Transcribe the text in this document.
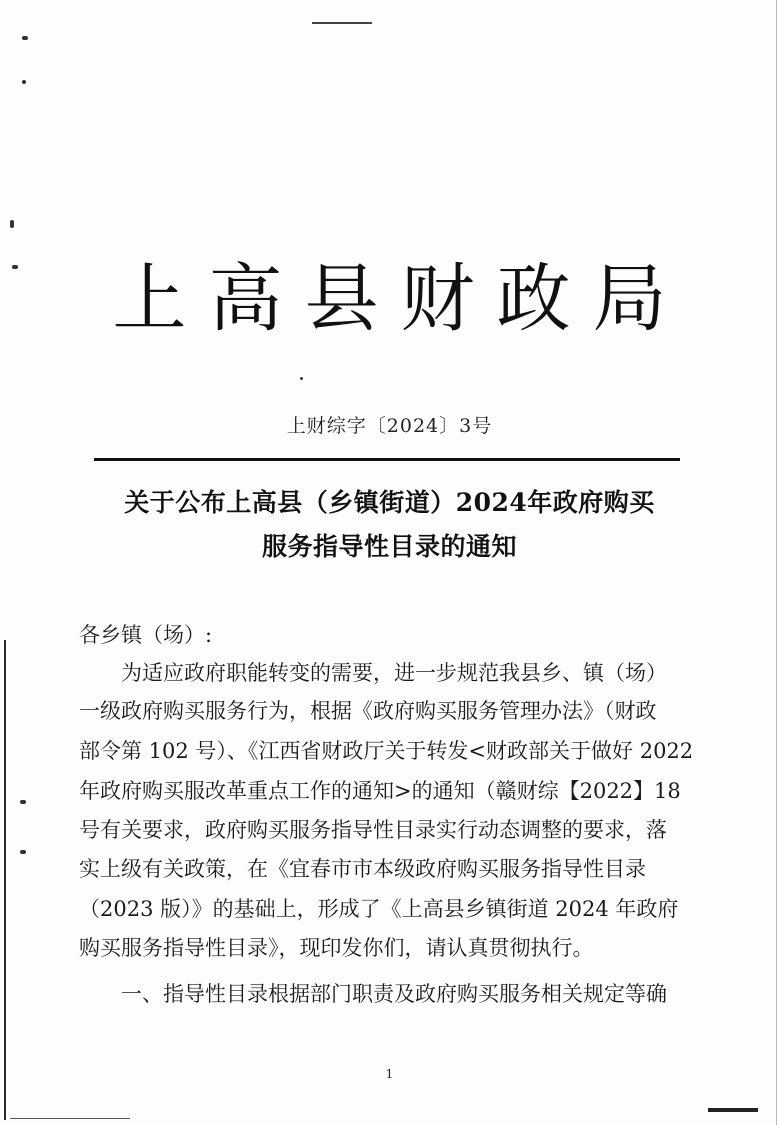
上高县财政局
上财综字〔2024〕3号
关于公布上高县（乡镇街道）2024年政府购买
服务指导性目录的通知
各乡镇（场）:
　　为适应政府职能转变的需要，进一步规范我县乡、镇（场）
一级政府购买服务行为，根据《政府购买服务管理办法》（财政
部令第 102 号）、《江西省财政厅关于转发<财政部关于做好 2022
年政府购买服改革重点工作的通知>的通知（赣财综【2022】18
号有关要求，政府购买服务指导性目录实行动态调整的要求，落
实上级有关政策，在《宜春市市本级政府购买服务指导性目录
（2023 版）》的基础上，形成了《上高县乡镇街道 2024 年政府
购买服务指导性目录》，现印发你们，请认真贯彻执行。
　　一、指导性目录根据部门职责及政府购买服务相关规定等确
1
